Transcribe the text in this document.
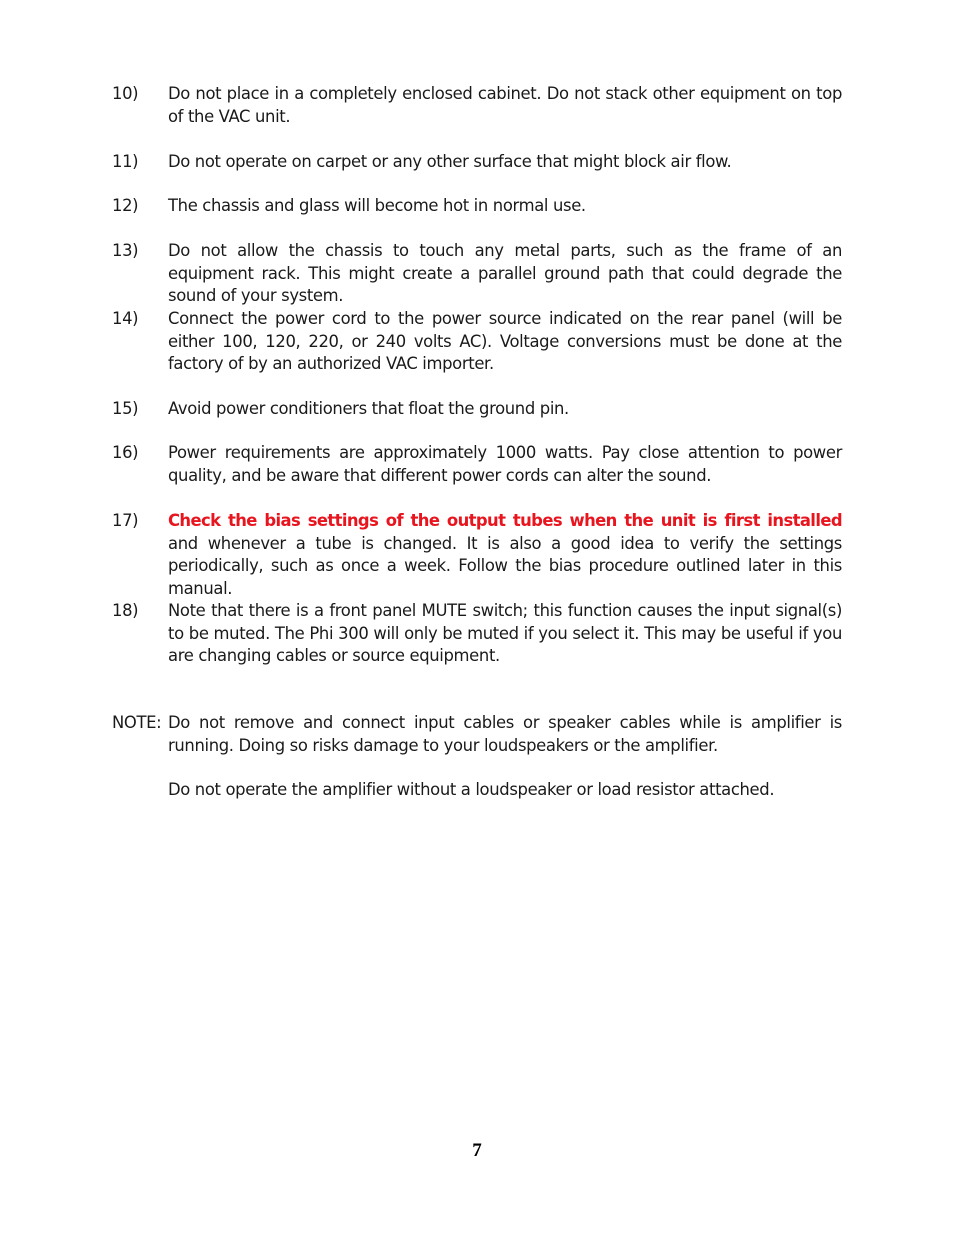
10)	Do not place in a completely enclosed cabinet. Do not stack other equipment on top of the VAC unit.
11)	Do not operate on carpet or any other surface that might block air flow.
12)	The chassis and glass will become hot in normal use.
13)	Do not allow the chassis to touch any metal parts, such as the frame of an equipment rack. This might create a parallel ground path that could degrade the sound of your system.
14)	Connect the power cord to the power source indicated on the rear panel (will be either 100, 120, 220, or 240 volts AC). Voltage conversions must be done at the factory of by an authorized VAC importer.
15)	Avoid power conditioners that float the ground pin.
16)	Power requirements are approximately 1000 watts. Pay close attention to power quality, and be aware that different power cords can alter the sound.
17)	Check the bias settings of the output tubes when the unit is first installed and whenever a tube is changed. It is also a good idea to verify the settings periodically, such as once a week. Follow the bias procedure outlined later in this manual.
18)	Note that there is a front panel MUTE switch; this function causes the input signal(s) to be muted. The Phi 300 will only be muted if you select it. This may be useful if you are changing cables or source equipment.
NOTE: Do not remove and connect input cables or speaker cables while is amplifier is running. Doing so risks damage to your loudspeakers or the amplifier.
Do not operate the amplifier without a loudspeaker or load resistor attached.
7
